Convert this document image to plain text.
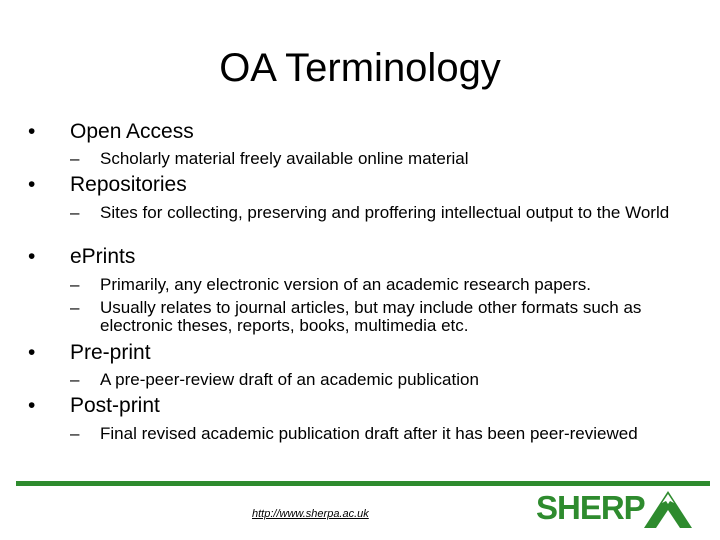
OA Terminology
• Open Access
– Scholarly material freely available online material
• Repositories
– Sites for collecting, preserving and proffering intellectual output to the World
• ePrints
– Primarily, any electronic version of an academic research papers.
– Usually relates to journal articles, but may include other formats such as electronic theses, reports, books, multimedia etc.
• Pre-print
– A pre-peer-review draft of an academic publication
• Post-print
– Final revised academic publication draft after it has been peer-reviewed
http://www.sherpa.ac.uk	SHERP
